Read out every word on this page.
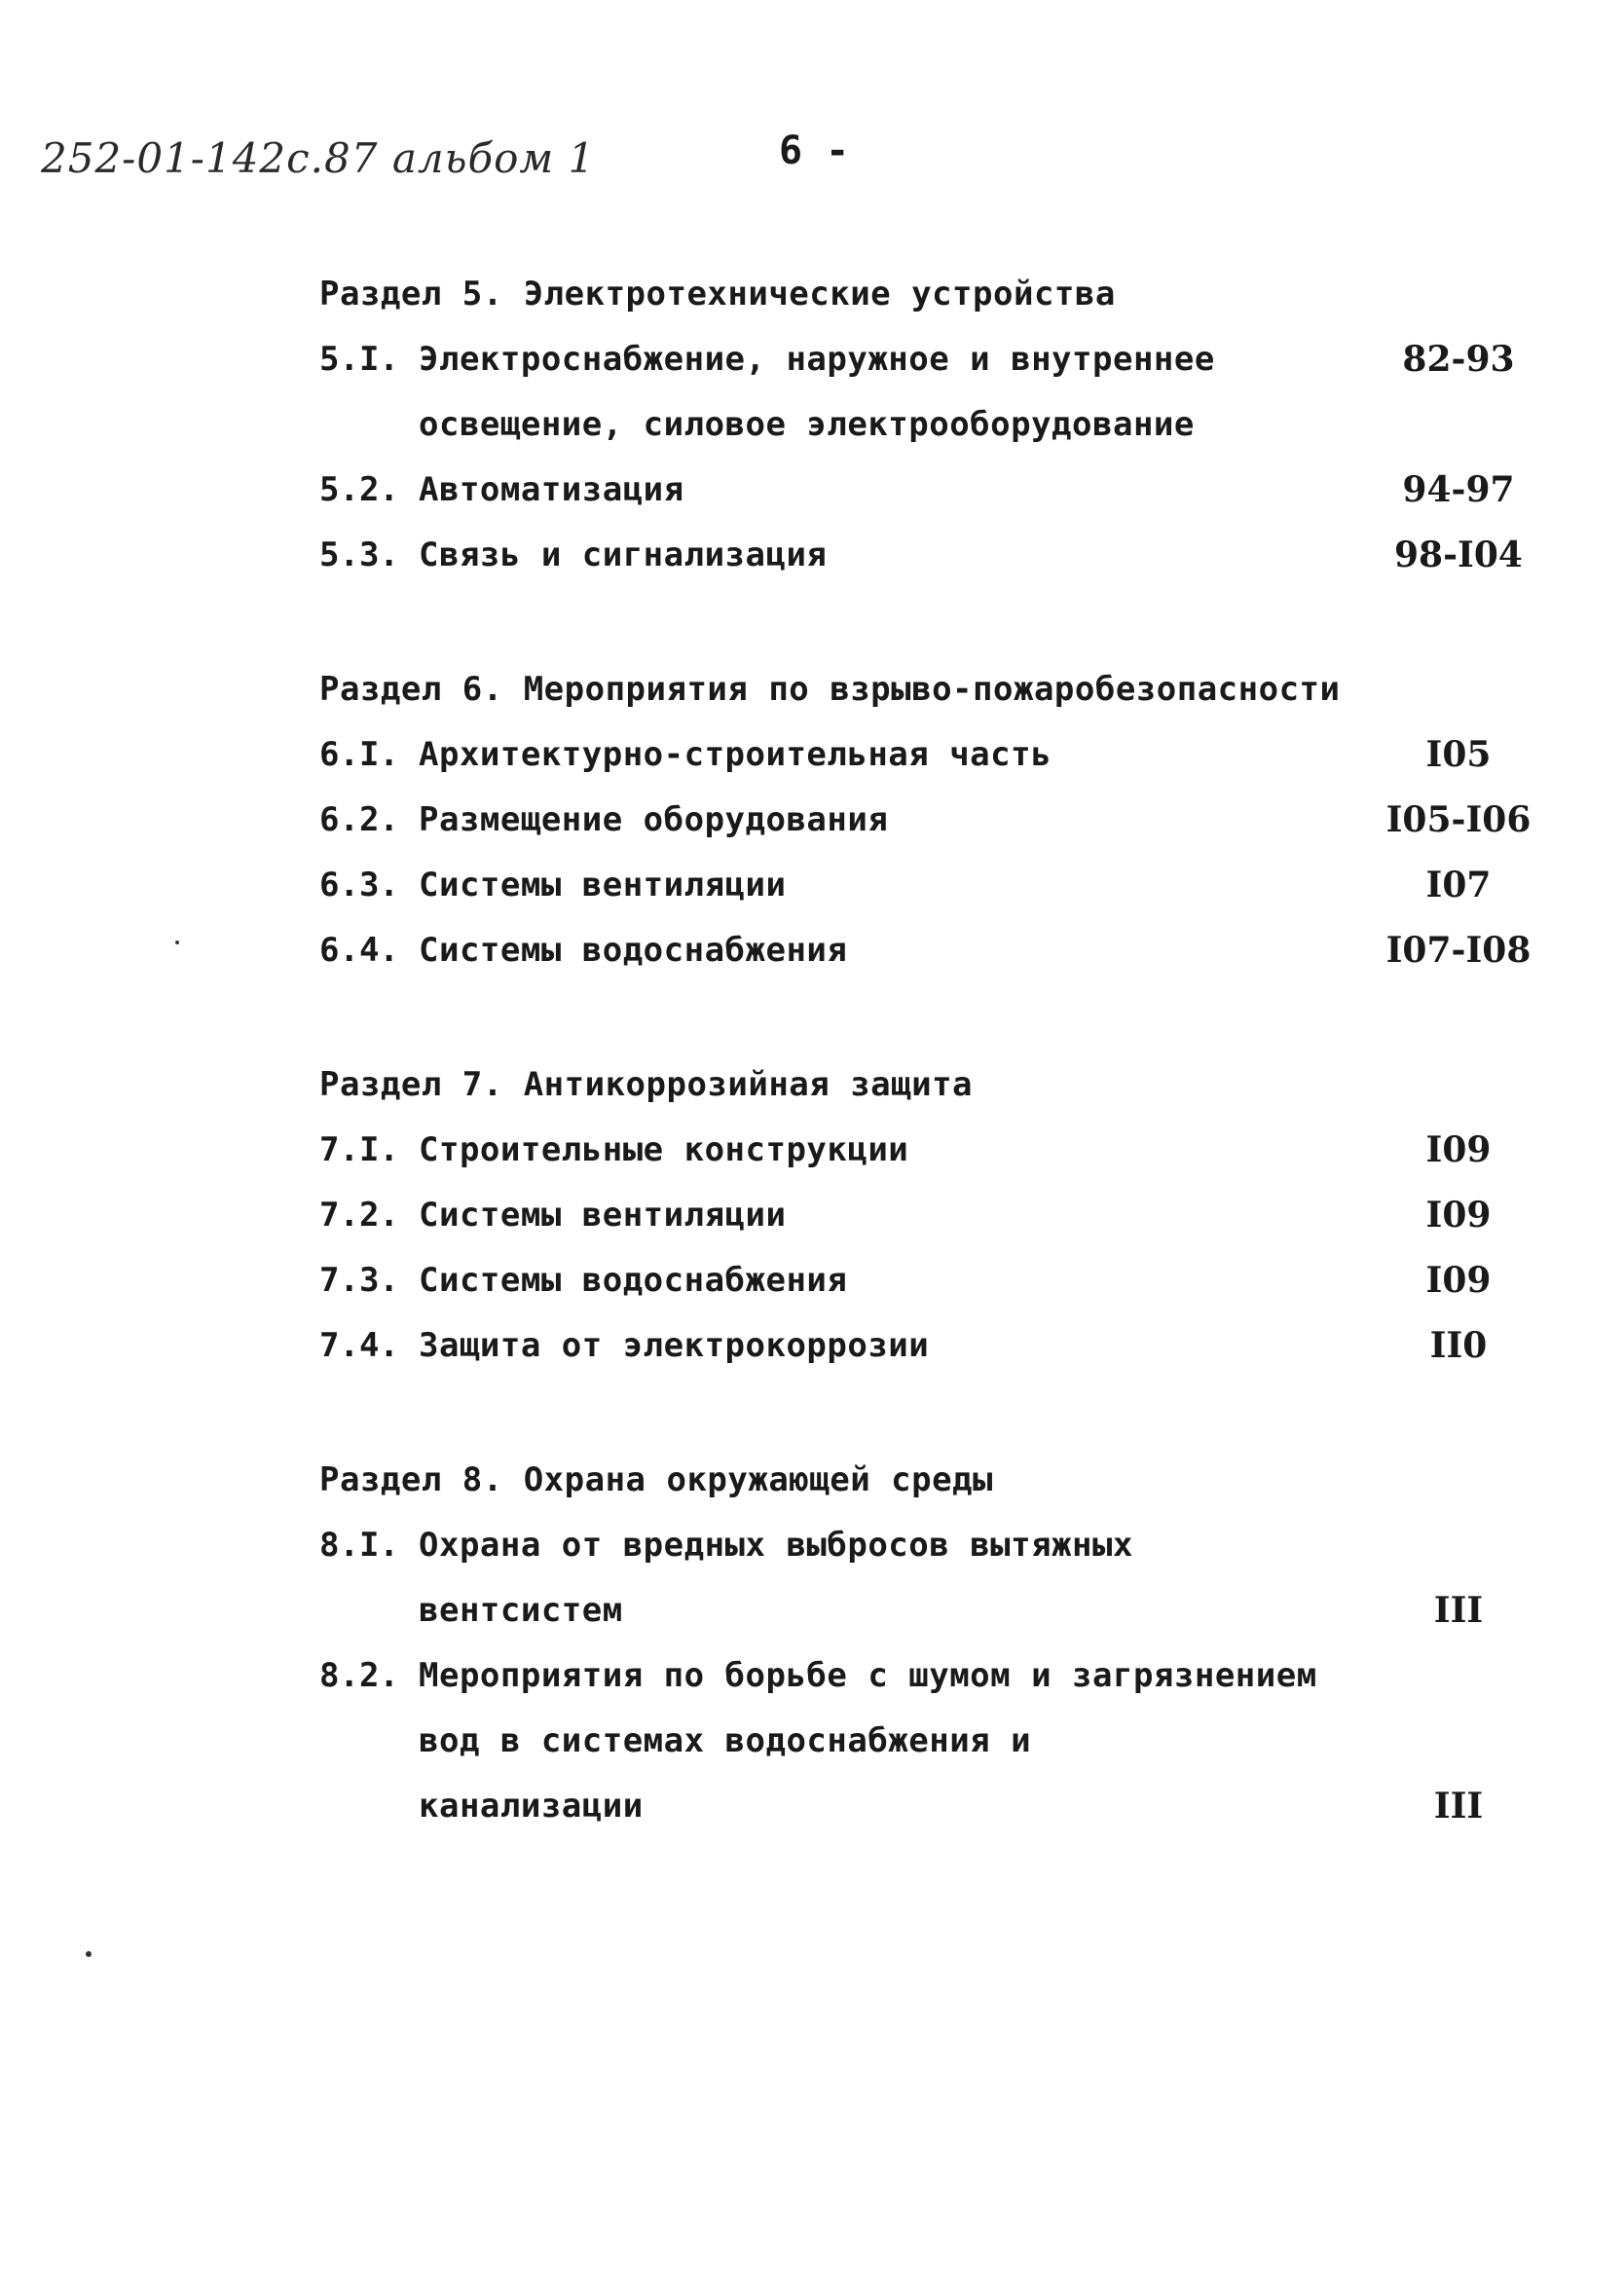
252-01-142с.87 альбом 1	6 -
Раздел 5. Электротехнические устройства
5.I. Электроснабжение, наружное и внутреннее	82-93
освещение, силовое электрооборудование
5.2. Автоматизация	94-97
5.3. Связь и сигнализация	98-I04
Раздел 6. Мероприятия по взрыво-пожаробезопасности
6.I. Архитектурно-строительная часть	I05
6.2. Размещение оборудования	I05-I06
6.3. Системы вентиляции	I07
6.4. Системы водоснабжения	I07-I08
Раздел 7. Антикоррозийная защита
7.I. Строительные конструкции	I09
7.2. Системы вентиляции	I09
7.3. Системы водоснабжения	I09
7.4. Защита от электрокоррозии	II0
Раздел 8. Охрана окружающей среды
8.I. Охрана от вредных выбросов вытяжных
вентсистем	III
8.2. Мероприятия по борьбе с шумом и загрязнением
вод в системах водоснабжения и
канализации	III
